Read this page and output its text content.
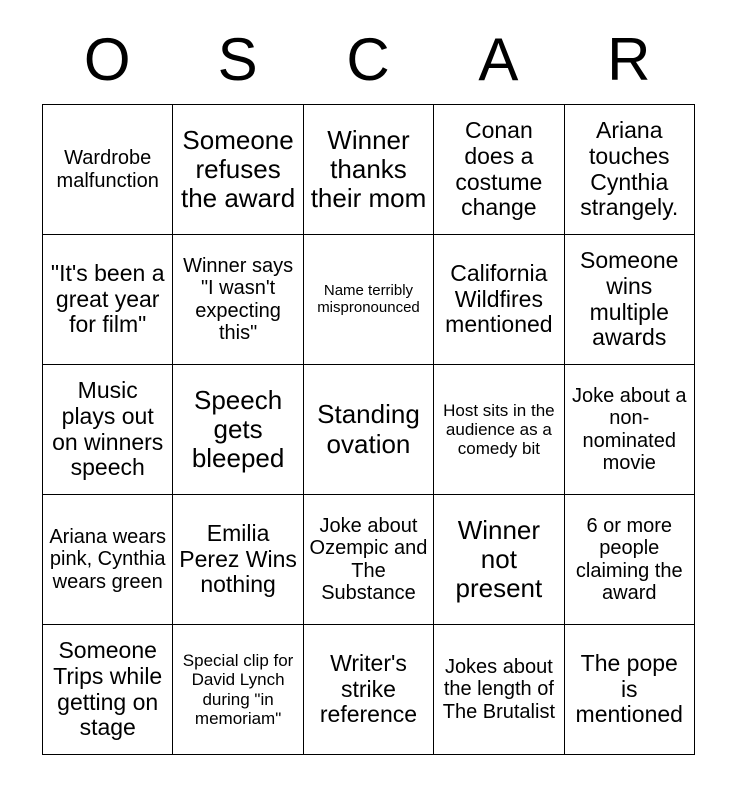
O	S	C	A	R
Wardrobe malfunction	Someone refuses the award	Winner thanks their mom	Conan does a costume change	Ariana touches Cynthia strangely.
"It's been a great year for film"	Winner says "I wasn't expecting this"	Name terribly mispronounced	California Wildfires mentioned	Someone wins multiple awards
Music plays out on winners speech	Speech gets bleeped	Standing ovation	Host sits in the audience as a comedy bit	Joke about a non-nominated movie
Ariana wears pink, Cynthia wears green	Emilia Perez Wins nothing	Joke about Ozempic and The Substance	Winner not present	6 or more people claiming the award
Someone Trips while getting on stage	Special clip for David Lynch during "in memoriam"	Writer's strike reference	Jokes about the length of The Brutalist	The pope is mentioned
